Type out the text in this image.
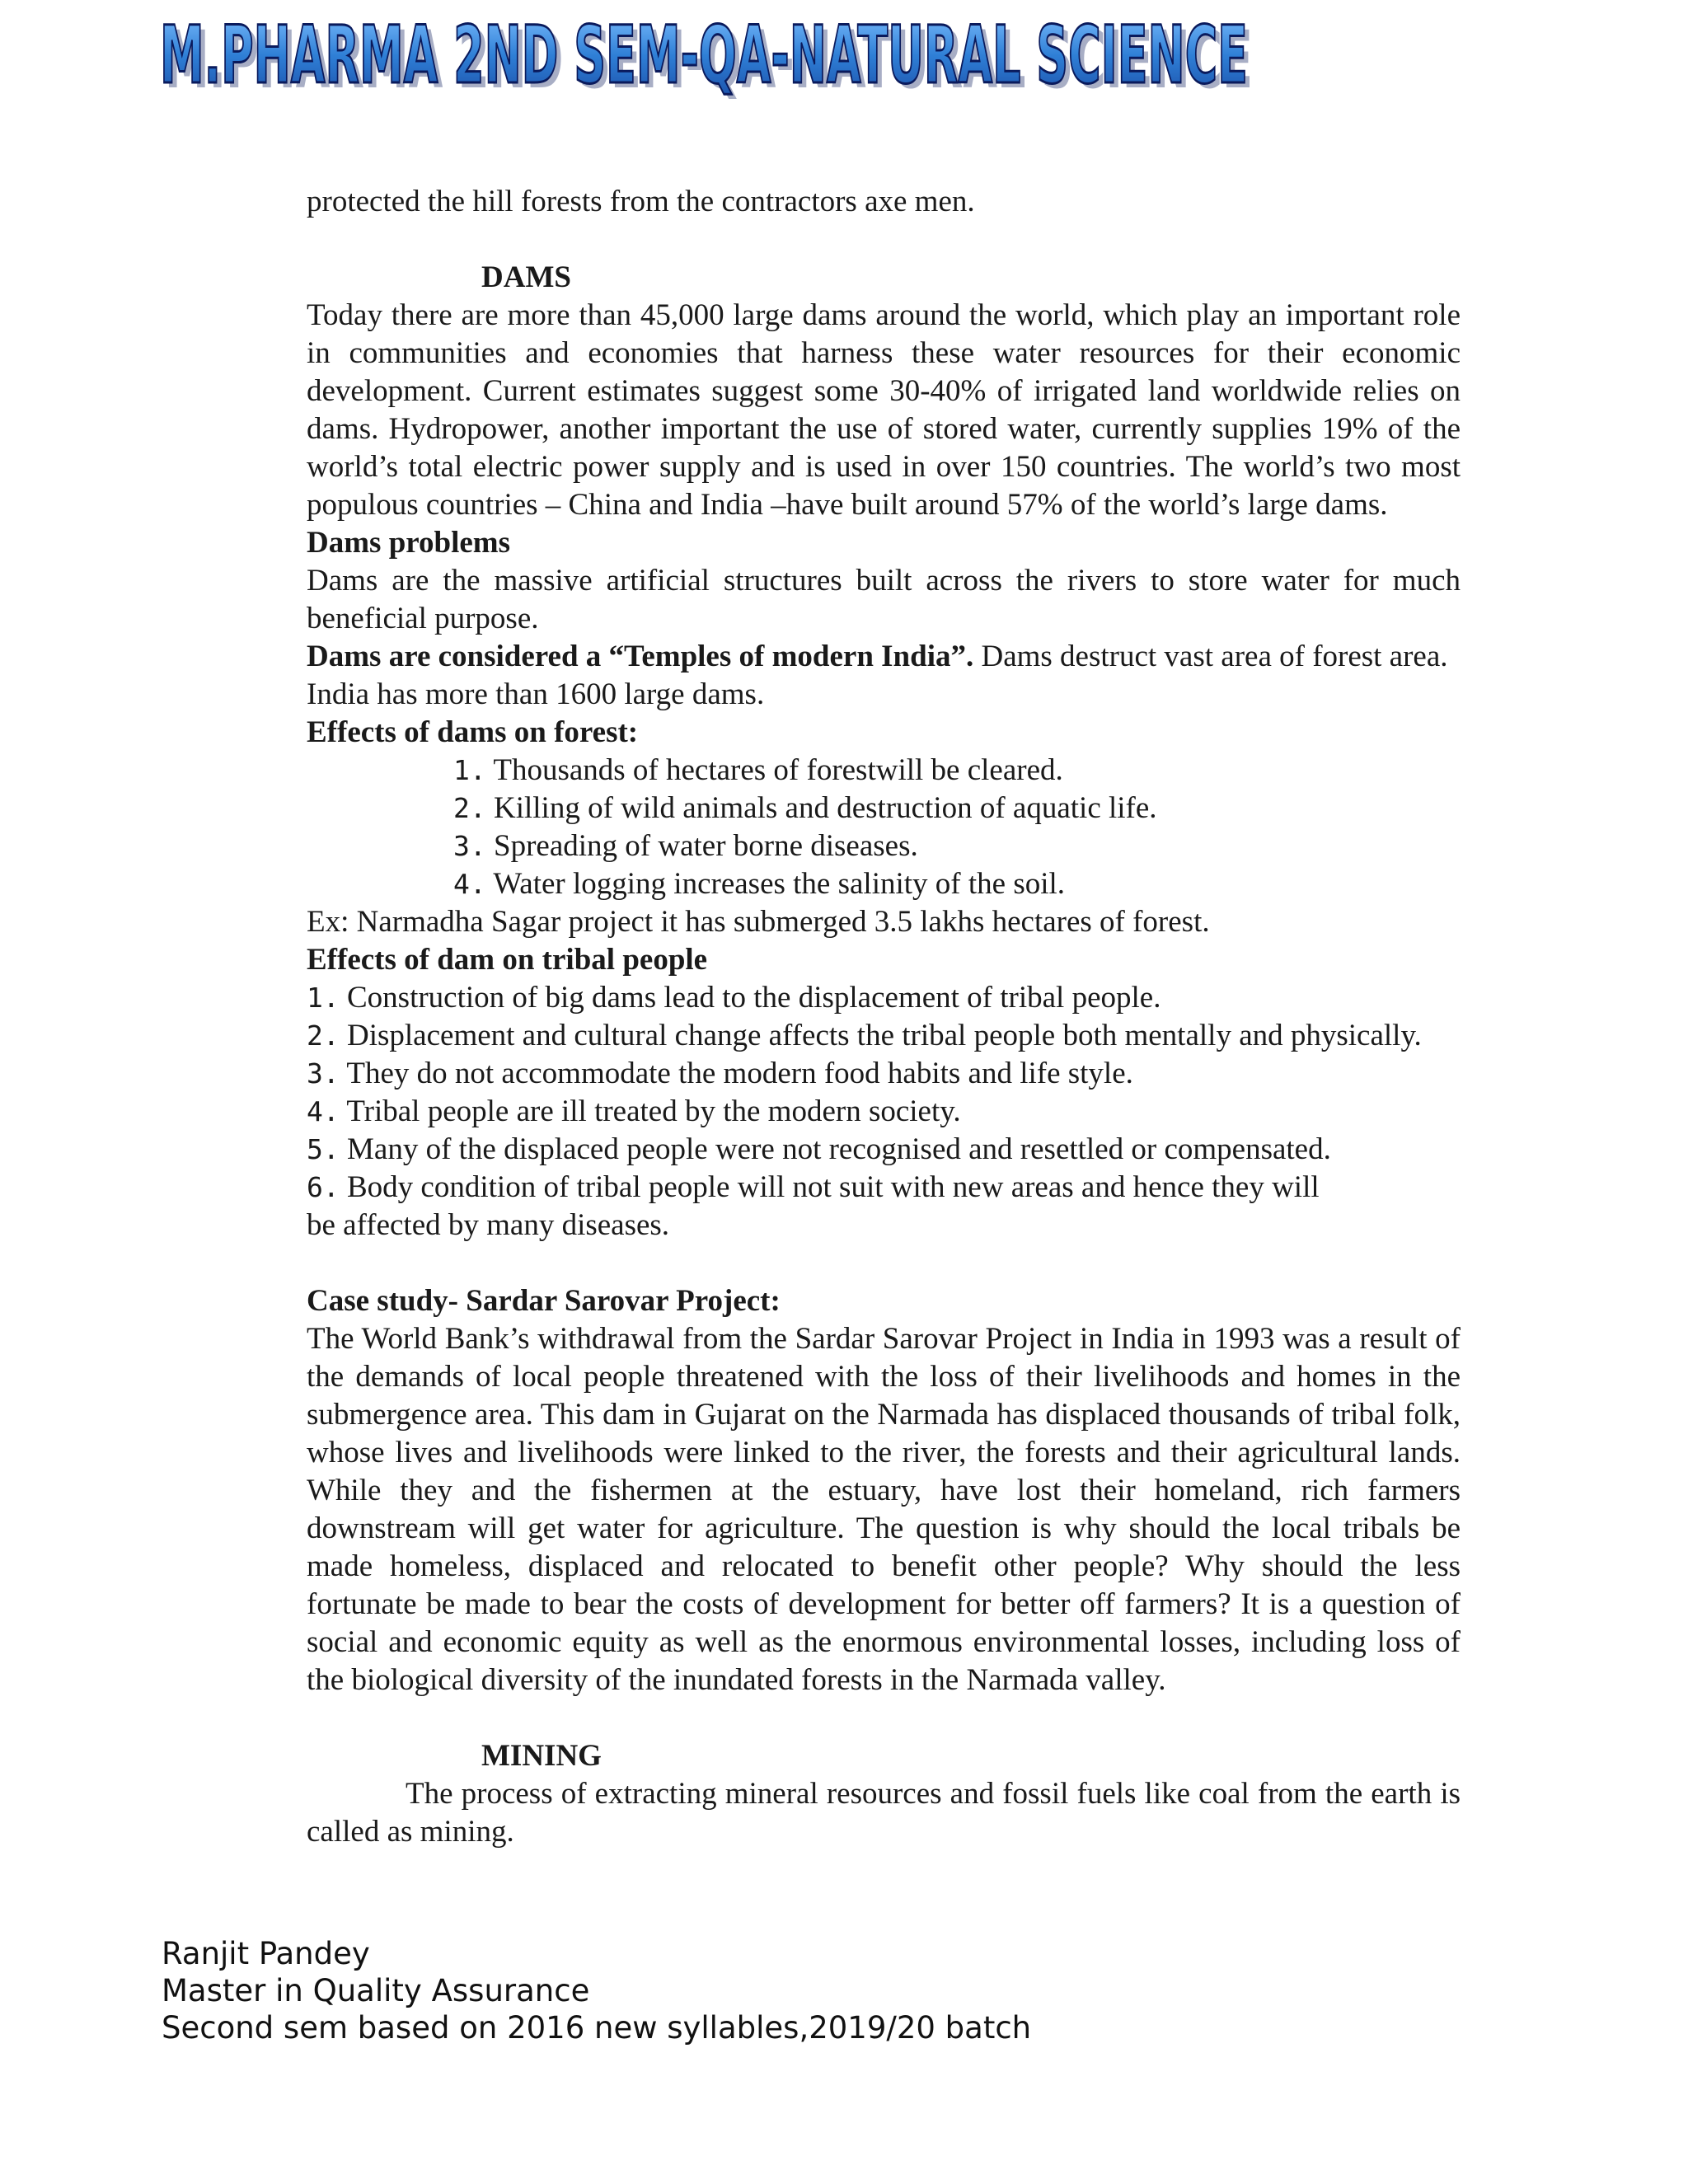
M.PHARMA 2ND SEM-QA-NATURAL SCIENCE
M.PHARMA 2ND SEM-QA-NATURAL SCIENCE

protected the hill forests from the contractors axe men.

DAMS

Today there are more than 45,000 large dams around the world, which play an important role in communities and economies that harness these water resources for their economic development. Current estimates suggest some 30-40% of irrigated land worldwide relies on dams. Hydropower, another important the use of stored water, currently supplies 19% of the world’s total electric power supply and is used in over 150 countries. The world’s two most populous countries – China and India –have built around 57% of the world’s large dams.

Dams problems

Dams are the massive artificial structures built across the rivers to store water for much beneficial purpose.

Dams are considered a “Temples of modern India”. Dams destruct vast area of forest area. India has more than 1600 large dams.

Effects of dams on forest:

1. Thousands of hectares of forestwill be cleared.

2. Killing of wild animals and destruction of aquatic life.

3. Spreading of water borne diseases.

4. Water logging increases the salinity of the soil.

Ex: Narmadha Sagar project it has submerged 3.5 lakhs hectares of forest.

Effects of dam on tribal people

1. Construction of big dams lead to the displacement of tribal people.

2. Displacement and cultural change affects the tribal people both mentally and physically.

3. They do not accommodate the modern food habits and life style.

4. Tribal people are ill treated by the modern society.

5. Many of the displaced people were not recognised and resettled or compensated.

6. Body condition of tribal people will not suit with new areas and hence they will be affected by many diseases.

Case study- Sardar Sarovar Project:

The World Bank’s withdrawal from the Sardar Sarovar Project in India in 1993 was a result of the demands of local people threatened with the loss of their livelihoods and homes in the submergence area. This dam in Gujarat on the Narmada has displaced thousands of tribal folk, whose lives and livelihoods were linked to the river, the forests and their agricultural lands. While they and the fishermen at the estuary, have lost their homeland, rich farmers downstream will get water for agriculture. The question is why should the local tribals be made homeless, displaced and relocated to benefit other people? Why should the less fortunate be made to bear the costs of development for better off farmers? It is a question of social and economic equity as well as the enormous environmental losses, including loss of the biological diversity of the inundated forests in the Narmada valley.

MINING

The process of extracting mineral resources and fossil fuels like coal from the earth is called as mining.

Ranjit Pandey
Master in Quality Assurance
Second sem based on 2016 new syllables,2019/20 batch
